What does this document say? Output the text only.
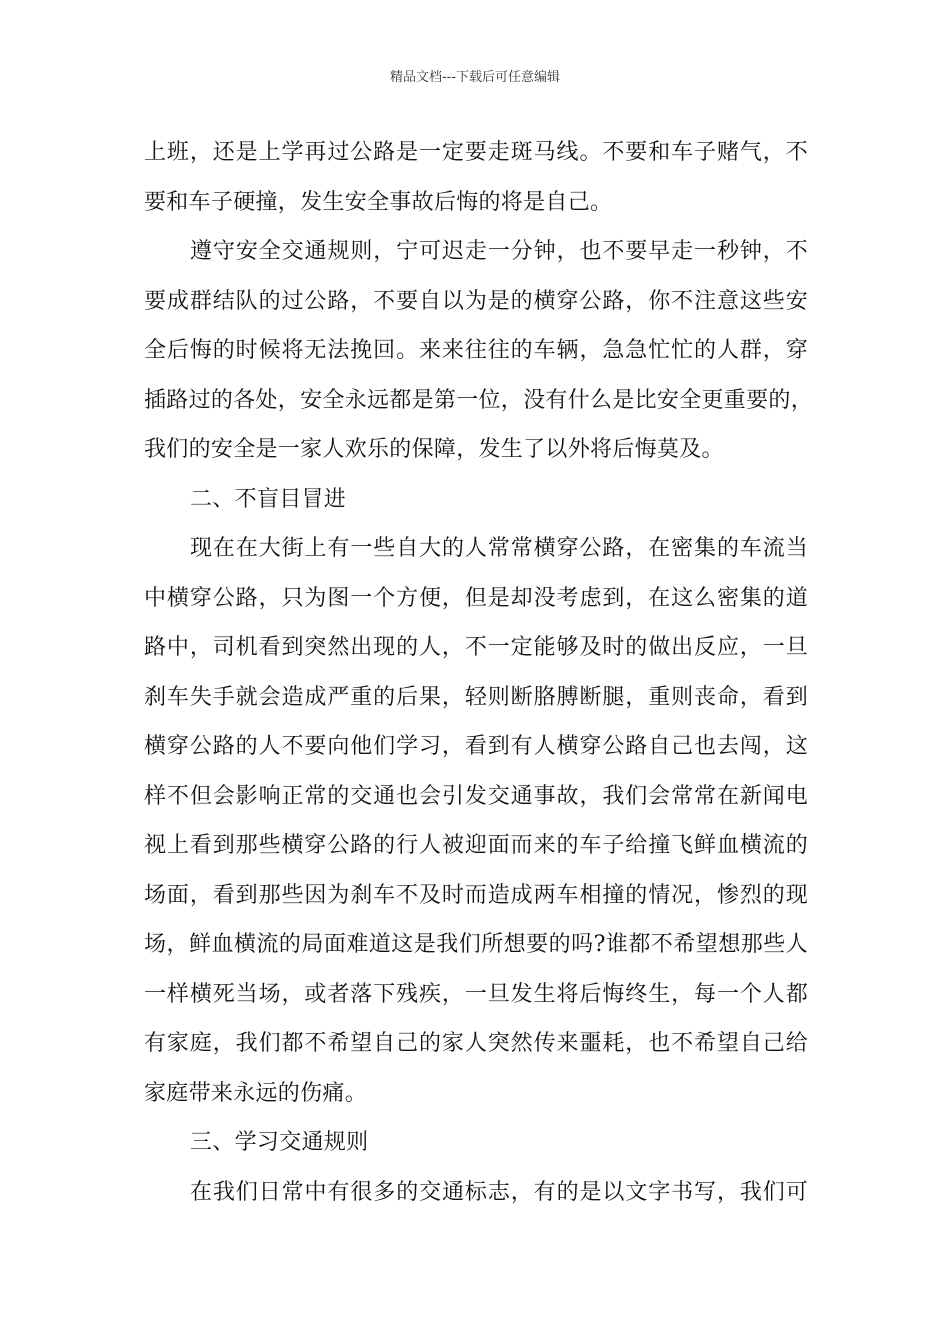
精品文档---下载后可任意编辑
上班，还是上学再过公路是一定要走斑马线。不要和车子赌气，不
要和车子硬撞，发生安全事故后悔的将是自己。
遵守安全交通规则，宁可迟走一分钟，也不要早走一秒钟，不
要成群结队的过公路，不要自以为是的横穿公路，你不注意这些安
全后悔的时候将无法挽回。来来往往的车辆，急急忙忙的人群，穿
插路过的各处，安全永远都是第一位，没有什么是比安全更重要的，
我们的安全是一家人欢乐的保障，发生了以外将后悔莫及。
二、不盲目冒进
现在在大街上有一些自大的人常常横穿公路，在密集的车流当
中横穿公路，只为图一个方便，但是却没考虑到，在这么密集的道
路中，司机看到突然出现的人，不一定能够及时的做出反应，一旦
刹车失手就会造成严重的后果，轻则断胳膊断腿，重则丧命，看到
横穿公路的人不要向他们学习，看到有人横穿公路自己也去闯，这
样不但会影响正常的交通也会引发交通事故，我们会常常在新闻电
视上看到那些横穿公路的行人被迎面而来的车子给撞飞鲜血横流的
场面，看到那些因为刹车不及时而造成两车相撞的情况，惨烈的现
场，鲜血横流的局面难道这是我们所想要的吗?谁都不希望想那些人
一样横死当场，或者落下残疾，一旦发生将后悔终生，每一个人都
有家庭，我们都不希望自己的家人突然传来噩耗，也不希望自己给
家庭带来永远的伤痛。
三、学习交通规则
在我们日常中有很多的交通标志，有的是以文字书写，我们可
